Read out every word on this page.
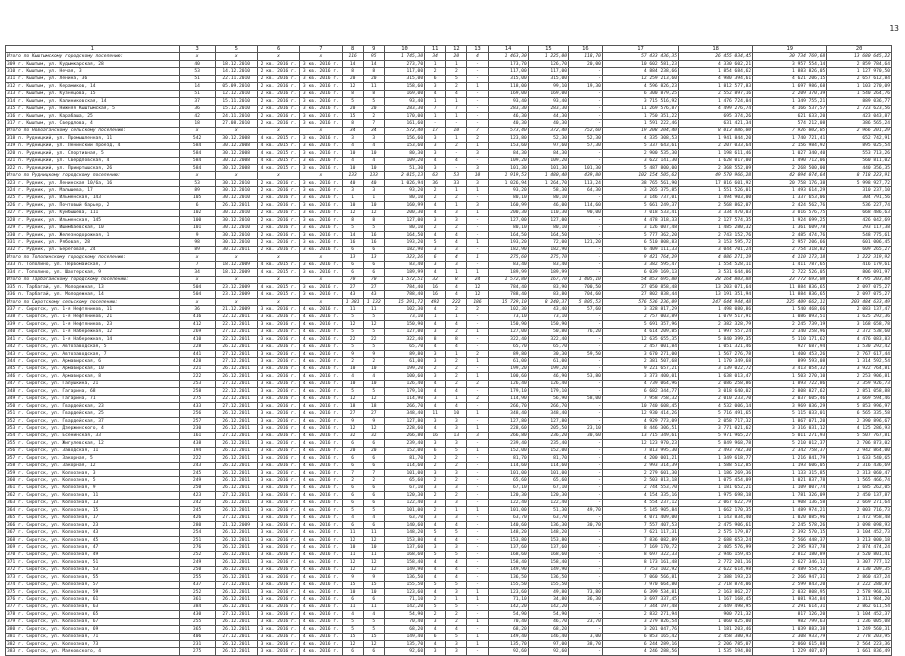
13
1	3	5	6	7	8	9	10	11	12	13	14	15	16	17	18	19	20
Итого по Кыштымскому городскому поселению:	x	x	x	x	116	95	1 745,30	34	20	4	1 463,30	1 225,00	118,70	57 433 436,35	26 455 034,45	30 734 769,68	13 680 645,22
309 г. Кыштым, ул. Кудымкарская, 28	40	18.12.2010	2 кв. 2016 г.	3 кв. 2016 г.	14	14	273,70	1	1	-	173,70	126,70	20,00	10 602 581,23	4 330 602,21	3 957 554,14	2 859 784,64
310 г. Кыштым, ул. Нечая, 3	53	14.12.2010	2 кв. 2016 г.	3 кв. 2016 г.	8	8	117,00	2	2	-	117,00	117,00	-	4 884 238,66	1 854 684,62	1 883 826,05	1 127 970,50
311 г. Кыштым, ул. Ленина, 36	51	22.11.2010	2 кв. 2016 г.	3 кв. 2016 г.	20	20	315,00	6	5	-	315,00	315,00	-	12 259 213,60	4 980 394,61	4 621 206,15	2 657 612,84
312 г. Кыштым, ул. Керамиков, 14	14	05.09.2010	2 кв. 2016 г.	3 кв. 2016 г.	12	11	158,60	3	2	1	118,00	99,10	19,30	4 596 826,23	1 812 577,83	1 697 986,68	1 103 270,09
313 г. Кыштым, ул. Кузнецова, 15	51	12.12.2010	2 кв. 2016 г.	3 кв. 2016 г.	8	8	169,00	4	4	-	169,00	169,00	-	6 300 879,25	2 552 897,16	2 209 370,39	1 540 264,76
314 г. Кыштым, ул. Калиниковская, 14	37	15.11.2010	2 кв. 2016 г.	3 кв. 2016 г.	5	5	93,40	1	1	-	93,40	93,40	-	3 715 516,92	1 476 724,04	1 349 755,21	889 036,77
315 г. Кыштым, ул. Нижняя Кыштымская, 5	36	15.12.2010	2 кв. 2016 г.	3 кв. 2016 г.	20	20	283,30	7	7	-	283,30	283,30	-	11 269 576,87	4 499 276,74	4 166 537,57	2 723 623,56
316 г. Кыштым, ул. Карабаша, 25	42	24.11.2010	2 кв. 2016 г.	3 кв. 2016 г.	15	2	170,00	1	1	-	46,30	44,30	-	1 750 351,22	695 374,26	621 633,20	423 043,87
317 г. Кыштым, ул. Свердлова, 4	18	27.08.2010	2 кв. 2016 г.	3 кв. 2016 г.	8	7	161,60	-	-	-	40,30	40,30	-	1 591 222,46	631 421,34	574 212,08	386 565,24
Итого по Новоаганскому сельскому поселению:	x	x	x	x	34	34	572,40	17	10	7	573,40	372,40	752,60	19 208 204,40	8 013 886,00	7 926 002,05	2 966 201,29
318 п. Рудницкий, ул. Промышленная, 11	542	30.12.2008	4 кв. 2015 г.	3 кв. 2016 г.	3	3	156,60	3	1	2	123,80	52,30	52,30	4 335 308,53	1 941 844,20	1 740 721,41	652 742,91
319 п. Рудницкий, ул. Ленинский проезд, 4	584	30.12.2008	4 кв. 2015 г.	3 кв. 2016 г.	4	4	153,60	3	2	1	153,60	97,60	57,30	5 337 643,61	2 207 033,64	2 156 984,92	895 025,54
320 п. Рудницкий, ул. Спортивная, 5	584	30.12.2008	4 кв. 2015 г.	3 кв. 2016 г.	10	10	80,30	3	-	3	84,30	84,30	-	2 900 535,30	1 198 611,46	1 027 340,40	553 713,26
321 п. Рудницкий, ул. Свердловская, 4	584	30.12.2008	4 кв. 2015 г.	3 кв. 2016 г.	4	4	109,20	4	4	-	109,20	109,20	-	3 622 141,30	1 628 017,00	1 490 712,06	560 811,02
322 п. Рудницкий, ул. Прииртышская, 26	584	30.12.2008	4 кв. 2015 г.	3 кв. 2016 г.	10	10	51,30	3	-	3	101,30	101,30	101,30	5 487 800,00	2 368 552,09	2 268 500,00	440 356,35
Итого по Рудницкому городскому поселению:	x	x	x	x	133	133	2 015,13	63	53	10	1 919,53	1 480,40	439,80	102 154 505,62	49 570 966,28	42 094 074,64	8 718 223,91
323 г. Рудник, ул. Ленинская 10/6а, 16	53	30.12.2010	2 кв. 2016 г.	3 кв. 2016 г.	40	40	1 026,94	36	33	3	1 026,94	1 264,70	113,24	38 765 561,90	17 816 601,92	20 758 176,38	5 998 927,72
324 г. Рудник, ул. Малышева, 17	89	30.12.2010	2 кв. 2016 г.	3 кв. 2016 г.	3	3	93,20	2	1	1	93,20	58,30	64,30	3 265 375,85	1 551 526,01	1 493 614,29	310 237,10
325 г. Рудник, ул. Ильменская, 143	105	30.12.2010	2 кв. 2016 г.	3 кв. 2016 г.	1	1	80,10	2	2	-	80,10	80,10	-	3 146 737,01	1 494 903,00	1 337 653,06	304 791,56
326 г. Рудник, ул. Почтовый барьер, 2	6	26.12.2011	2 кв. 2016 г.	3 кв. 2016 г.	10	10	160,99	4	1	3	160,99	46,00	114,60	5 661 249,37	2 568 862,07	2 424 562,76	536 227,74
327 г. Рудник, ул. Куйбышева, 111	102	30.12.2010	2 кв. 2016 г.	3 кв. 2016 г.	12	12	200,30	4	3	1	200,30	110,30	90,00	7 018 533,41	3 334 470,03	3 016 576,75	668 486,63
328 г. Рудник, ул. Ильменская, 145	100	30.12.2010	2 кв. 2016 г.	3 кв. 2016 г.	8	8	127,00	3	3	-	127,00	127,00	-	4 478 318,33	2 127 574,35	1 924 699,25	426 042,69
329 г. Рудник, ул. Ишимбаевская, 10	101	30.12.2010	2 кв. 2016 г.	3 кв. 2016 г.	5	5	80,10	2	2	-	80,10	80,10	-	3 126 007,48	1 485 280,32	1 361 609,78	293 117,38
330 г. Рудник, ул. Железнодорожная, 1	9	30.12.2010	2 кв. 2016 г.	3 кв. 2016 г.	14	16	164,50	4	4	-	164,50	164,50	-	5 777 362,20	2 743 152,76	2 485 474,76	548 775,61
331 г. Рудник, ул. Рябовая, 28	98	30.12.2010	2 кв. 2016 г.	3 кв. 2016 г.	16	16	193,20	5	4	1	193,20	72,00	121,20	6 510 808,83	3 153 595,72	2 957 206,66	601 006,45
332 г. Рудник, ул. Береговая, 24	89	30.12.2011	2 кв. 2016 г.	3 кв. 2016 г.	6	6	182,90	3	3	-	182,90	182,90	-	6 409 111,33	3 044 701,24	2 754 318,82	609 265,27
Итого по Тополинскому городскому поселению:	x	x	x	x	13	13	323,26	6	4	1	275,60	275,70	-	9 421 764,29	4 086 271,19	4 110 173,18	1 222 319,92
333 п. Тополино, ул. Первомайская, 7	7	18.12.2009	4 кв. 2015 г.	3 кв. 2016 г.	6	6	83,40	3	3	-	83,40	83,40	-	3 382 595,47	1 554 528,11	1 411 787,65	416 179,61
334 г. Тополино, ул. Шахтерская, 9	34	18.12.2009	4 кв. 2015 г.	3 кв. 2016 г.	6	6	189,99	4	1	1	189,99	189,99	-	6 039 169,13	3 531 644,06	2 722 526,05	806 091,97
Итого по Тарбагайскому городскому поселению:	x	x	x	x	70	70	1 572,51	32	8	24	1 572,80	167,70	1 405,10	54 853 695,80	28 164 803,88	23 772 693,08	4 795 203,84
335 п. Тарбагай, ул. Молодежная, 13	504	23.12.2009	4 кв. 2015 г.	3 кв. 2016 г.	27	27	784,40	16	4	12	784,40	83,90	700,50	27 050 858,48	13 203 071,64	11 884 836,65	2 097 075,27
336 п. Тарбагай, ул. Молодежная, 14	504	23.12.2009	4 кв. 2015 г.	3 кв. 2016 г.	43	43	788,40	16	4	12	788,40	83,80	704,60	27 802 838,44	13 191 351,94	11 884 836,65	2 097 075,27
Итого по Сиротскому сельскому поселению:	x	x	x	x	1 381	1 132	15 291,72	492	222	186	15 729,10	8 240,37	5 805,53	576 536 236,09	247 644 944,48	225 409 662,11	203 484 633,49
337 г. Сиротск, ул. 1-я Нефтяников, 11	36	21.12.2009	3 кв. 2016 г.	4 кв. 2016 г.	11	11	102,30	4	2	2	102,30	43,40	57,60	3 328 817,29	1 498 080,86	1 540 468,66	2 083 137,47
338 г. Сиротск, ул. 1-я Нефтяников, 21	416	22.12.2011	3 кв. 2016 г.	4 кв. 2016 г.	5	5	73,10	1	1	-	73,10	73,10	-	2 757 003,89	1 079 517,91	1 086 093,51	1 625 292,36
339 г. Сиротск, ул. 1-я Нефтяников, 23	412	22.12.2011	3 кв. 2016 г.	4 кв. 2016 г.	12	12	150,90	4	4	-	150,90	150,90	-	5 691 357,96	2 382 328,79	2 245 739,19	3 168 658,78
340 г. Сиротск, ул. 1-я Набережная, 12	269	27.12.2011	3 кв. 2016 г.	4 кв. 2016 г.	5	5	127,00	3	2	1	127,00	50,80	76,20	4 614 209,85	1 997 557,24	2 340 258,96	2 372 538,60
341 г. Сиротск, ул. 1-я Набережная, 14	410	22.12.2011	3 кв. 2016 г.	4 кв. 2016 г.	22	22	322,40	8	8	-	322,40	322,40	-	12 635 655,35	5 840 399,35	5 110 171,62	4 476 083,83
342 г. Сиротск, ул. Автозаводская, 5	228	26.12.2011	3 кв. 2016 г.	4 кв. 2016 г.	5	5	65,70	4	4	-	65,70	65,70	-	2 457 001,84	1 051 321,46	927 687,94	1 530 292,42
343 г. Сиротск, ул. Автозаводская, 7	441	27.12.2011	3 кв. 2016 г.	4 кв. 2016 г.	9	9	89,80	3	1	2	89,80	30,30	59,50	3 670 271,00	1 567 276,78	1 400 453,26	2 767 617,44
344 г. Сиротск, ул. Армавирская, 6	428	27.12.2011	3 кв. 2016 г.	4 кв. 2016 г.	2	2	61,00	3	2	1	61,00	61,00	-	2 381 507,68	1 170 349,68	899 593,08	1 314 592,54
345 г. Сиротск, ул. Армавирская, 10	221	26.12.2011	3 кв. 2016 г.	4 кв. 2016 г.	10	10	199,20	2	2	-	199,20	199,20	-	9 221 657,21	3 139 022,72	3 413 054,32	3 922 764,81
346 г. Сиротск, ул. Армавирская, 8	222	26.12.2011	3 кв. 2016 г.	4 кв. 2016 г.	4	4	100,60	3	2	1	100,60	46,90	53,80	3 373 400,01	1 638 013,47	1 503 270,10	2 253 906,81
347 г. Сиротск, ул. Галушкина, 21	253	27.12.2011	3 кв. 2016 г.	4 кв. 2016 г.	10	10	126,40	4	2	2	126,40	126,40	-	4 739 064,96	2 086 258,86	1 893 722,86	2 359 926,73
348 г. Сиротск, ул. Гагарина, 68	258	22.12.2011	3 кв. 2016 г.	4 кв. 2016 г.	5	5	179,10	4	4	-	179,10	179,10	-	6 682 344,77	3 018 640,02	2 808 827,62	2 851 058,88
349 г. Сиротск, ул. Гагарина, 71	275	22.12.2011	3 кв. 2016 г.	4 кв. 2016 г.	12	12	114,90	3	1	2	114,90	56,90	58,00	7 958 758,32	2 010 233,70	2 037 605,46	3 669 594,46
350 г. Сиротск, ул. Гвардейская, 23	433	27.12.2011	3 кв. 2016 г.	4 кв. 2016 г.	18	18	266,70	4	4	-	266,70	266,70	-	10 740 608,45	4 532 006,14	3 969 036,29	5 853 996,97
351 г. Сиротск, ул. Гвардейская, 25	256	26.12.2011	3 кв. 2016 г.	4 кв. 2016 г.	27	27	348,40	11	10	1	348,40	348,40	-	12 930 414,26	5 716 491,65	5 115 033,01	6 565 335,58
352 г. Сиротск, ул. Гвардейская, 37	257	26.12.2011	3 кв. 2016 г.	4 кв. 2016 г.	9	9	127,80	3	3	-	127,80	127,80	-	4 929 773,09	2 058 717,32	1 867 071,20	2 390 896,67
353 г. Сиротск, ул. Дзержинского, 4	230	26.12.2011	3 кв. 2016 г.	4 кв. 2016 г.	12	12	228,60	4	3	1	228,60	205,50	23,10	8 446 306,51	3 771 021,62	3 316 031,12	4 125 286,93
354 г. Сиротск, ул. Есенинская, 33	161	27.12.2011	3 кв. 2016 г.	4 кв. 2016 г.	32	32	266,80	16	13	3	266,80	236,20	30,60	13 715 349,61	5 971 965,27	5 011 271,93	5 507 767,81
355 г. Сиротск, ул. Жигулевская, 12	438	26.12.2011	3 кв. 2016 г.	4 кв. 2016 г.	6	6	239,40	3	3	-	239,40	235,40	-	12 123 970,23	5 849 968,78	5 210 012,37	2 706 873,02
356 г. Сиротск, ул. Заводская, 11	194	26.12.2011	3 кв. 2016 г.	4 кв. 2016 г.	20	20	152,00	6	5	1	152,00	152,00	-	7 813 995,30	2 493 782,30	2 342 758,37	2 942 864,00
357 г. Сиротск, ул. Закорная, 5	222	26.12.2011	3 кв. 2016 г.	4 кв. 2016 г.	6	6	81,70	2	2	-	81,70	81,70	-	4 200 001,21	1 349 618,77	1 216 841,79	1 633 540,65
358 г. Сиротск, ул. Закорная, 12	243	26.12.2011	3 кв. 2016 г.	4 кв. 2016 г.	6	6	114,60	2	2	-	114,60	114,60	-	2 993 314,39	1 588 512,85	1 193 606,05	2 316 436,69
359 г. Сиротск, ул. Колхозная, 3	245	26.12.2011	3 кв. 2016 г.	4 кв. 2016 г.	7	7	101,00	3	3	-	101,00	101,00	-	2 279 601,30	1 186 269,36	1 133 315,85	2 313 060,47
360 г. Сиротск, ул. Колхозная, 5	249	26.12.2011	3 кв. 2016 г.	4 кв. 2016 г.	2	2	65,60	2	2	-	65,60	65,60	-	2 503 813,18	1 075 454,09	1 021 837,78	1 565 466,74
361 г. Сиротск, ул. Колхозная, 9	250	26.12.2011	3 кв. 2016 г.	4 кв. 2016 г.	6	6	67,10	3	3	-	67,10	67,10	-	2 744 553,70	1 181 652,21	1 109 007,74	1 685 262,05
362 г. Сиротск, ул. Колхозная, 11	423	27.12.2011	3 кв. 2016 г.	4 кв. 2016 г.	6	6	120,30	2	2	-	120,30	120,30	-	4 154 335,16	1 975 698,18	1 781 326,09	2 450 137,87
363 г. Сиротск, ул. Колхозная, 13	242	26.12.2011	3 кв. 2016 г.	4 кв. 2016 г.	6	6	122,40	3	3	-	122,40	122,40	-	4 554 237,12	2 067 622,79	1 908 136,58	2 669 271,64
364 г. Сиротск, ул. Колхозная, 15	245	26.12.2011	3 кв. 2016 г.	4 кв. 2016 г.	5	5	101,00	2	1	1	101,00	51,30	49,70	5 145 905,84	1 662 170,35	1 489 974,21	2 003 716,73
365 г. Сиротск, ул. Колхозная, 17	426	27.12.2011	3 кв. 2016 г.	4 кв. 2016 г.	4	4	63,70	3	3	-	63,70	63,70	-	4 071 409,00	1 143 834,40	1 020 085,96	1 472 958,48
366 г. Сиротск, ул. Колхозная, 23	280	21.12.2009	3 кв. 2016 г.	4 кв. 2016 г.	6	6	140,60	4	4	-	140,60	136,30	30,70	7 557 407,53	2 475 906,61	2 245 578,26	3 098 098,93
367 г. Сиротск, ул. Колхозная, 43	254	26.12.2011	3 кв. 2016 г.	4 кв. 2016 г.	11	11	148,20	5	5	-	148,20	148,20	-	7 621 117,31	2 575 179,87	2 392 570,15	3 104 452,73
368 г. Сиротск, ул. Колхозная, 45	251	26.12.2011	3 кв. 2016 г.	4 кв. 2016 г.	12	12	153,80	4	4	-	153,80	153,80	-	7 836 082,89	2 688 653,24	2 566 448,37	3 213 000,18
369 г. Сиротск, ул. Колхозная, 47	276	26.12.2011	3 кв. 2016 г.	4 кв. 2016 г.	10	10	137,60	3	3	-	137,60	137,60	-	7 169 170,72	2 405 576,99	2 295 937,78	2 874 474,24
370 г. Сиротск, ул. Колхозная, 49	252	26.12.2011	3 кв. 2016 г.	4 кв. 2016 г.	11	11	168,60	5	5	-	168,60	168,60	-	8 697 322,33	2 946 159,45	2 812 180,89	3 520 801,41
371 г. Сиротск, ул. Колхозная, 51	249	26.12.2011	3 кв. 2016 г.	4 кв. 2016 г.	12	12	158,40	4	4	-	158,40	158,40	-	8 173 161,48	2 772 201,16	2 627 346,11	3 307 777,12
372 г. Сиротск, ул. Колхозная, 53	250	26.12.2011	3 кв. 2016 г.	4 кв. 2016 г.	12	12	149,90	4	4	-	149,90	149,90	-	7 753 102,92	2 622 614,98	2 489 554,52	3 130 209,35
373 г. Сиротск, ул. Колхозная, 55	255	26.12.2011	3 кв. 2016 г.	4 кв. 2016 г.	9	9	136,50	4	4	-	136,50	136,50	-	7 060 566,81	2 388 193,23	2 266 947,31	2 860 437,24
374 г. Сиротск, ул. Колхозная, 57	437	27.12.2011	3 кв. 2016 г.	4 кв. 2016 г.	15	15	155,50	5	5	-	155,50	155,50	-	7 970 664,80	2 718 874,06	2 599 843,20	3 222 280,87
375 г. Сиротск, ул. Колхозная, 59	252	26.12.2011	3 кв. 2016 г.	4 кв. 2016 г.	10	10	123,60	4	3	1	123,60	49,80	73,80	6 399 534,81	2 163 862,27	2 032 808,95	2 578 960,31
376 г. Сиротск, ул. Колхозная, 61	361	26.12.2011	3 кв. 2016 г.	4 кв. 2016 г.	6	6	71,10	2	1	1	71,10	34,80	36,30	3 697 337,45	1 167 168,45	1 081 934,84	1 311 984,20
377 г. Сиротск, ул. Колхозная, 63	384	26.12.2011	3 кв. 2016 г.	4 кв. 2016 г.	11	11	142,20	5	5	-	142,20	142,20	-	7 344 197,48	2 449 498,95	2 291 614,31	2 862 611,54
378 г. Сиротск, ул. Колхозная, 65	430	27.12.2011	3 кв. 2016 г.	4 кв. 2016 г.	4	4	54,90	2	2	-	54,90	54,90	-	2 832 271,94	900 721,32	817 126,20	1 104 452,37
379 г. Сиротск, ул. Колхозная, 67	255	26.12.2011	3 кв. 2016 г.	4 кв. 2016 г.	5	5	70,40	3	2	1	70,40	46,70	23,70	3 279 826,54	1 060 025,00	982 799,63	1 236 005,08
380 г. Сиротск, ул. Колхозная, 69	365	26.12.2011	3 кв. 2016 г.	4 кв. 2016 г.	5	5	68,20	4	4	-	68,20	68,20	-	3 201 047,76	1 181 203,46	1 039 883,38	1 249 560,31
381 г. Сиротск, ул. Колхозная, 71	406	27.12.2011	3 кв. 2016 г.	4 кв. 2016 г.	15	15	149,40	6	5	1	149,40	146,40	3,00	6 853 165,42	2 458 380,93	2 308 933,79	2 778 203,95
382 г. Сиротск, ул. Колхозная, 73	231	26.12.2011	3 кв. 2016 г.	4 кв. 2016 г.	12	12	135,70	4	3	1	135,70	97,00	38,70	6 244 289,16	2 206 785,07	2 060 615,88	2 564 223,36
383 г. Сиротск, ул. Маяковского, 4	275	26.12.2011	3 кв. 2016 г.	4 кв. 2016 г.	6	6	92,60	3	3	-	92,60	92,60	-	4 246 288,56	1 535 194,80	1 229 407,07	1 661 836,49
